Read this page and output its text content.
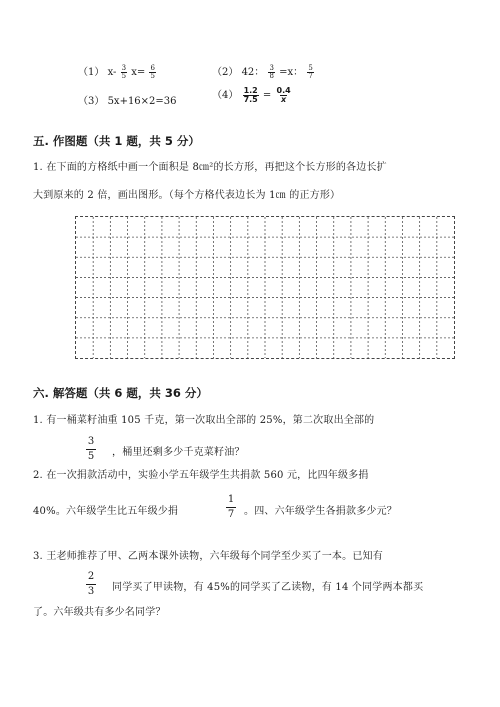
（1） $x- \frac{3}{5} x= \frac{6}{5}$	（2） 42： $\frac{3}{8} =x$： $\frac{5}{7}$
（3） 5x+16×2=36
$(4) \frac{1.2}{7.5} = \frac{0.4}{x}$
五. 作图题（共 1 题，共 5 分）
1. 在下面的方格纸中画一个面积是 8㎝²的长方形，再把这个长方形的各边长扩
大到原来的 2 倍，画出图形。（每个方格代表边长为 1㎝ 的正方形）
六. 解答题（共 6 题，共 36 分）
1. 有一桶菜籽油重 105 千克，第一次取出全部的 25%，第二次取出全部的
3
5 ，桶里还剩多少千克菜籽油？
2. 在一次捐款活动中，实验小学五年级学生共捐款 560 元，比四年级多捐
40%。六年级学生比五年级少捐
1
7 。四、六年级学生各捐款多少元？
3. 王老师推荐了甲、乙两本课外读物，六年级每个同学至少买了一本。已知有
2
3 同学买了甲读物，有 45%的同学买了乙读物，有 14 个同学两本都买
了。六年级共有多少名同学？
